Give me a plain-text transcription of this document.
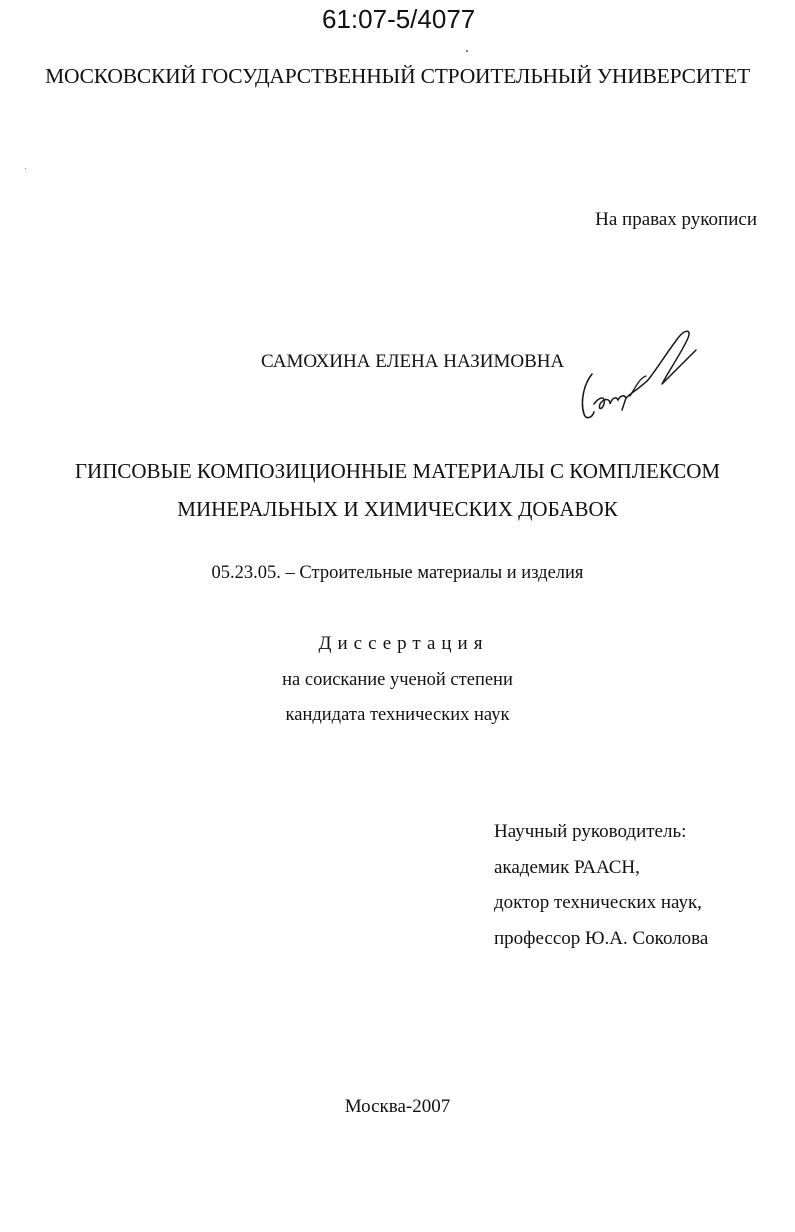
61:07-5/4077
МОСКОВСКИЙ ГОСУДАРСТВЕННЫЙ СТРОИТЕЛЬНЫЙ УНИВЕРСИТЕТ
На правах рукописи
САМОХИНА ЕЛЕНА НАЗИМОВНА
ГИПСОВЫЕ КОМПОЗИЦИОННЫЕ МАТЕРИАЛЫ С КОМПЛЕКСОМ
МИНЕРАЛЬНЫХ И ХИМИЧЕСКИХ ДОБАВОК
05.23.05. – Строительные материалы и изделия
Диссертация
на соискание ученой степени
кандидата технических наук
Научный руководитель:
академик РААСН,
доктор технических наук,
профессор Ю.А. Соколова
Москва-2007
